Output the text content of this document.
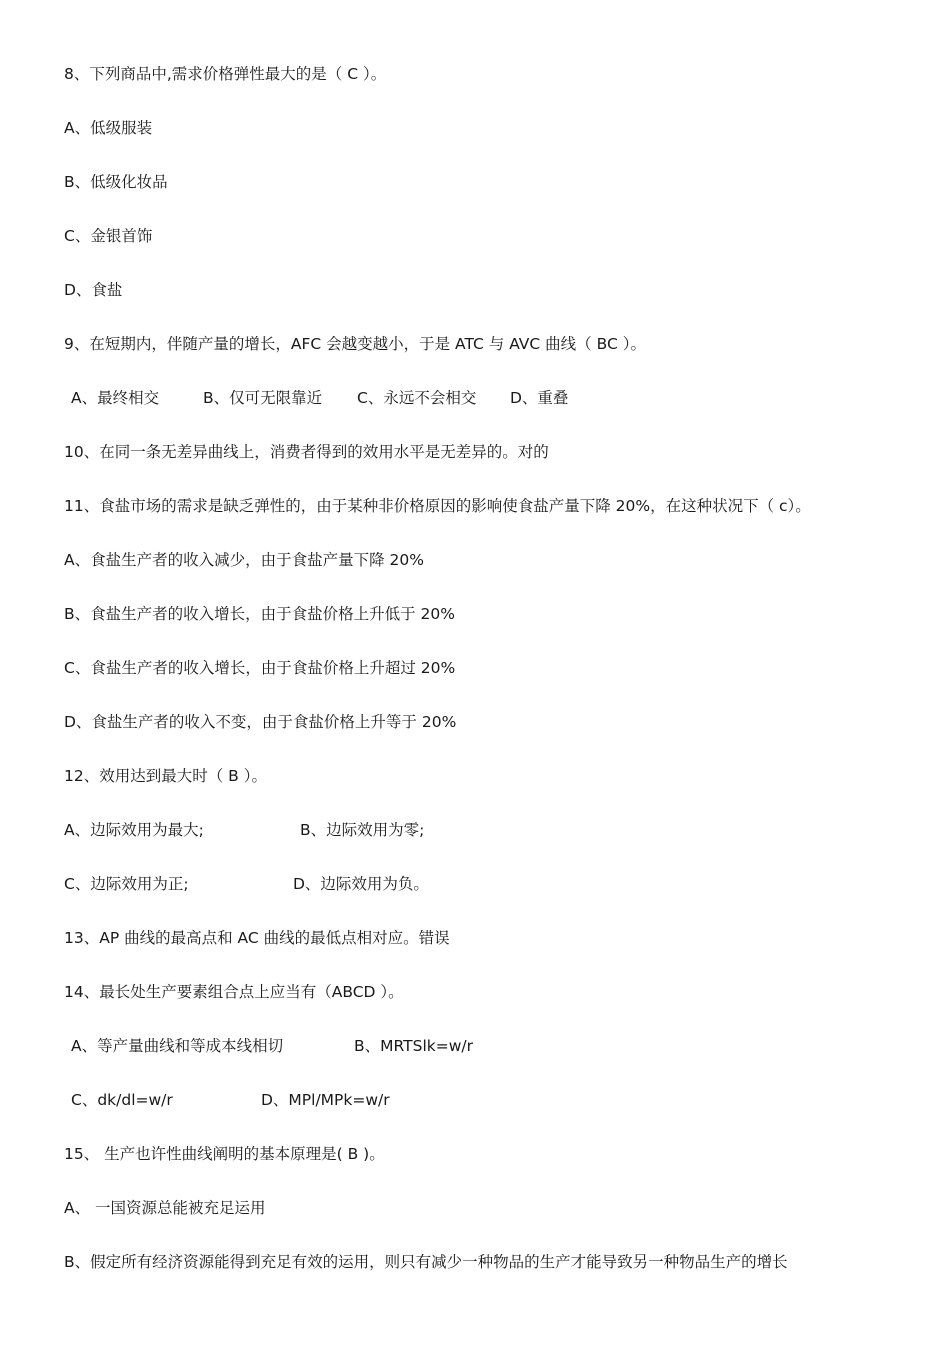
8、下列商品中,需求价格弹性最大的是（ C ）。
A、低级服装
B、低级化妆品
C、金银首饰
D、食盐
9、在短期内，伴随产量的增长，AFC 会越变越小，于是 ATC 与 AVC 曲线（ BC ）。
A、最终相交	B、仅可无限靠近 C、永远不会相交 D、重叠
10、在同一条无差异曲线上，消费者得到的效用水平是无差异的。对的
11、食盐市场的需求是缺乏弹性的，由于某种非价格原因的影响使食盐产量下降 20%，在这种状况下（ c）。
A、食盐生产者的收入减少，由于食盐产量下降 20%
B、食盐生产者的收入增长，由于食盐价格上升低于 20%
C、食盐生产者的收入增长，由于食盐价格上升超过 20%
D、食盐生产者的收入不变，由于食盐价格上升等于 20%
12、效用达到最大时（ B ）。
A、边际效用为最大;	B、边际效用为零;
C、边际效用为正;	D、边际效用为负。
13、AP 曲线的最高点和 AC 曲线的最低点相对应。错误
14、最长处生产要素组合点上应当有（ABCD ）。
A、等产量曲线和等成本线相切	B、MRTSlk=w/r
C、dk/dl=w/r	D、MPl/MPk=w/r
15、 生产也许性曲线阐明的基本原理是( B )。
A、 一国资源总能被充足运用
B、假定所有经济资源能得到充足有效的运用，则只有减少一种物品的生产才能导致另一种物品生产的增长
